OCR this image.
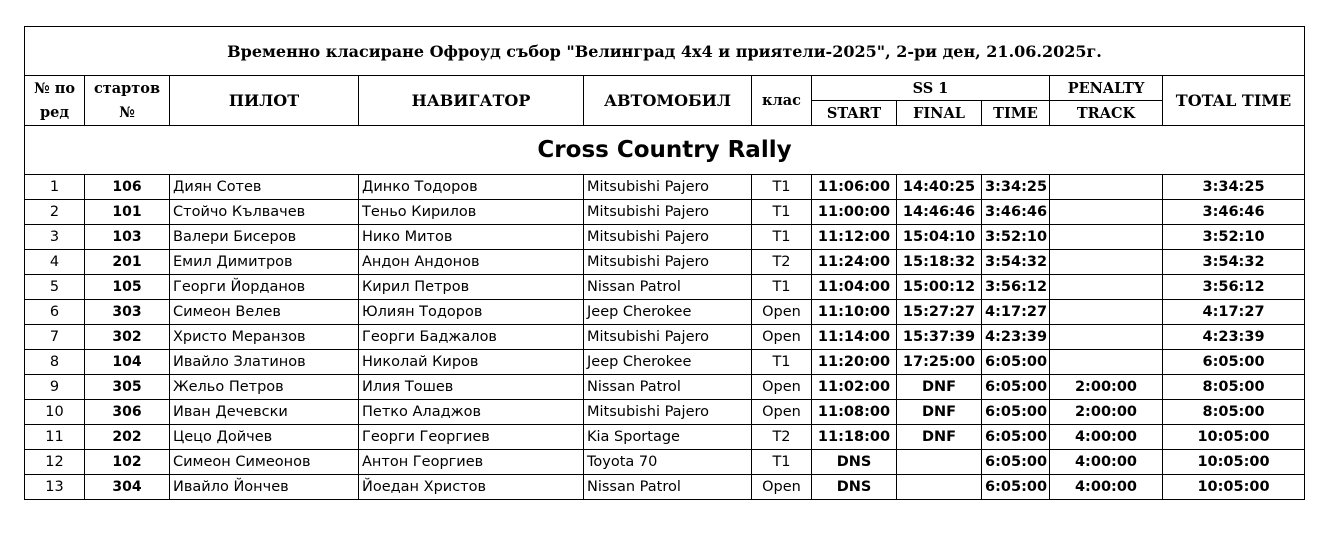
Временно класиране Офроуд събор "Велинград 4х4 и приятели-2025", 2-ри ден, 21.06.2025г.										
№ по	стартов	ПИЛОТ	НАВИГАТОР	АВТОМОБИЛ	клас	SS 1			PENALTY	TOTAL TIME
ред	№					START	FINAL	TIME	TRACK	
Cross Country Rally										
1	106	Диян Сотев	Динко Тодоров	Mitsubishi Pajero	T1	11:06:00	14:40:25	3:34:25		3:34:25
2	101	Стойчо Кълвачев	Теньо Кирилов	Mitsubishi Pajero	T1	11:00:00	14:46:46	3:46:46		3:46:46
3	103	Валери Бисеров	Нико Митов	Mitsubishi Pajero	T1	11:12:00	15:04:10	3:52:10		3:52:10
4	201	Емил Димитров	Андон Андонов	Mitsubishi Pajero	T2	11:24:00	15:18:32	3:54:32		3:54:32
5	105	Георги Йорданов	Кирил Петров	Nissan Patrol	T1	11:04:00	15:00:12	3:56:12		3:56:12
6	303	Симеон Велев	Юлиян Тодоров	Jeep Cherokee	Open	11:10:00	15:27:27	4:17:27		4:17:27
7	302	Христо Меранзов	Георги Баджалов	Mitsubishi Pajero	Open	11:14:00	15:37:39	4:23:39		4:23:39
8	104	Ивайло Златинов	Николай Киров	Jeep Cherokee	T1	11:20:00	17:25:00	6:05:00		6:05:00
9	305	Жельо Петров	Илия Тошев	Nissan Patrol	Open	11:02:00	DNF	6:05:00	2:00:00	8:05:00
10	306	Иван Дечевски	Петко Аладжов	Mitsubishi Pajero	Open	11:08:00	DNF	6:05:00	2:00:00	8:05:00
11	202	Цецо Дойчев	Георги Георгиев	Kia Sportage	T2	11:18:00	DNF	6:05:00	4:00:00	10:05:00
12	102	Симеон Симеонов	Антон Георгиев	Toyota 70	T1	DNS		6:05:00	4:00:00	10:05:00
13	304	Ивайло Йончев	Йоедан Христов	Nissan Patrol	Open	DNS		6:05:00	4:00:00	10:05:00
